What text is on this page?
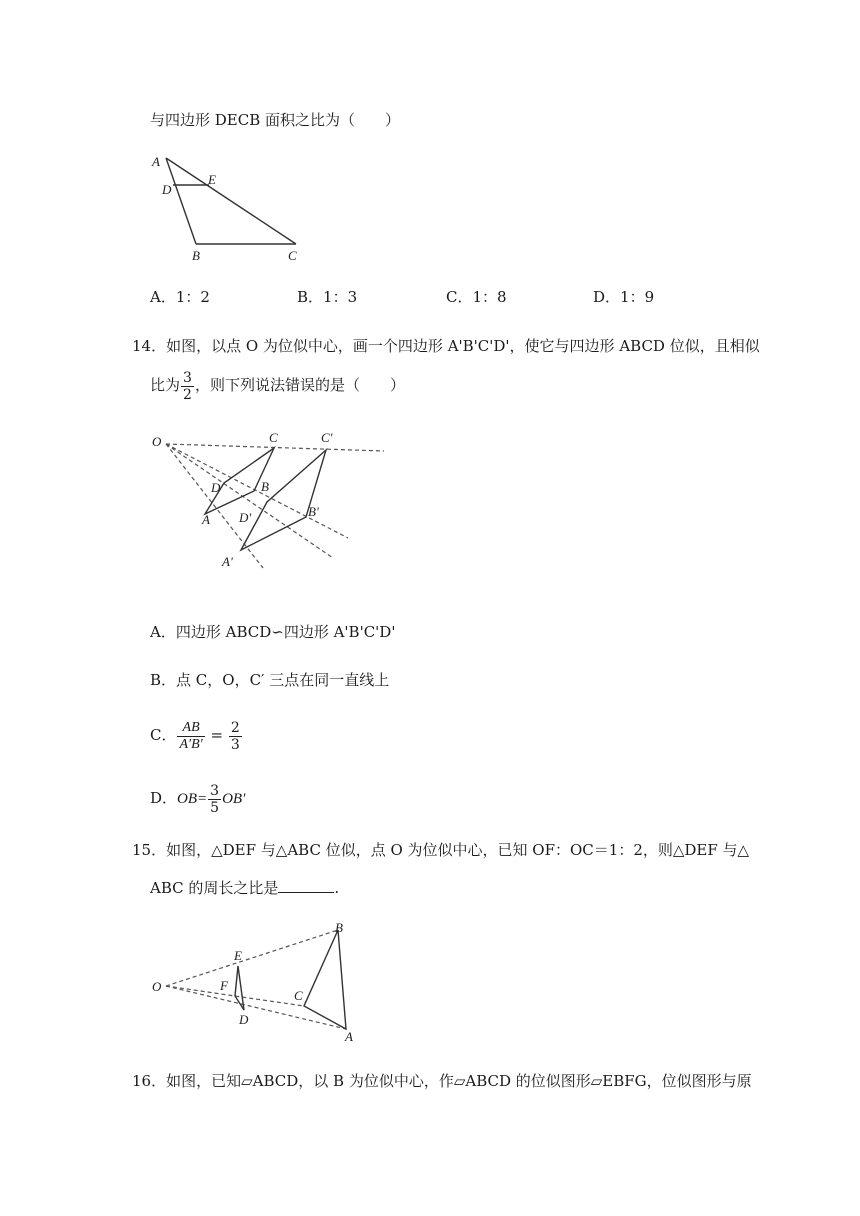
与四边形 DECB 面积之比为（　　）
A
D
E
B	C
A．1：2	B．1：3	C．1：8	D．1：9
14．如图，以点 O 为位似中心，画一个四边形 A'B'C'D'，使它与四边形 ABCD 位似，且相似
比为 $\frac{3}{2}$ ，则下列说法错误的是（　　）
O	C	C'
D	B
A D'	B'
A'
A．四边形 ABCD∽四边形 A'B'C'D'
B．点 C，O，C′ 三点在同一直线上
C． $\frac{AB}{A'B'} = \frac{2}{3}$
D．$OB= \frac{3}{5} OB'$
15．如图，△DEF 与△ABC 位似，点 O 为位似中心，已知 OF：OC＝1：2，则△DEF 与△
ABC 的周长之比是	.
O
E
F
D
B
C
A
16．如图，已知▱ABCD，以 B 为位似中心，作▱ABCD 的位似图形▱EBFG，位似图形与原
